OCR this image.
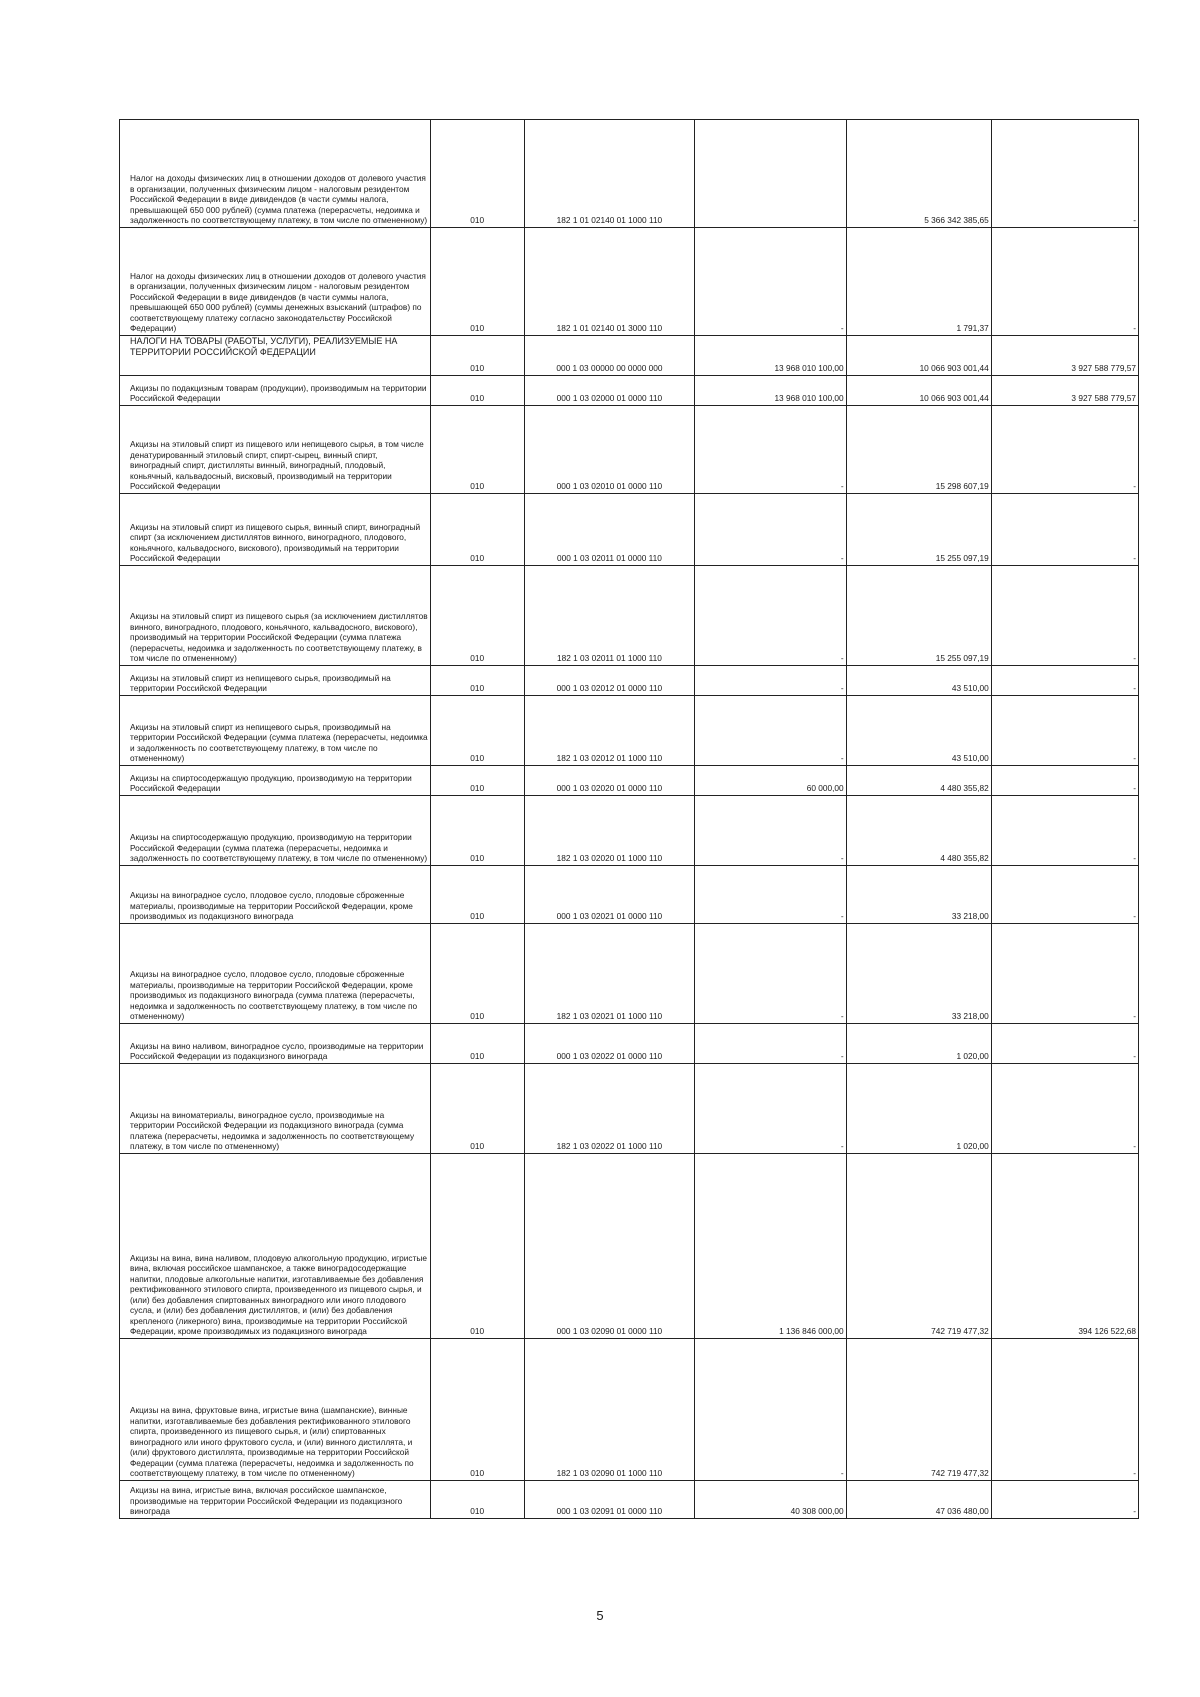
Налог на доходы физических лиц в отношении доходов от долевого участия в организации, полученных физическим лицом - налоговым резидентом Российской Федерации в виде дивидендов (в части суммы налога, превышающей 650 000 рублей) (сумма платежа (перерасчеты, недоимка и задолженность по соответствующему платежу, в том числе по отмененному)	010	182 1 01 02140 01 1000 110		5 366 342 385,65	-
Налог на доходы физических лиц в отношении доходов от долевого участия в организации, полученных физическим лицом - налоговым резидентом Российской Федерации в виде дивидендов (в части суммы налога, превышающей 650 000 рублей) (суммы денежных взысканий (штрафов) по соответствующему платежу согласно законодательству Российской Федерации)	010	182 1 01 02140 01 3000 110	-	1 791,37	-
НАЛОГИ НА ТОВАРЫ (РАБОТЫ, УСЛУГИ), РЕАЛИЗУЕМЫЕ НА ТЕРРИТОРИИ РОССИЙСКОЙ ФЕДЕРАЦИИ	010	000 1 03 00000 00 0000 000	13 968 010 100,00	10 066 903 001,44	3 927 588 779,57
Акцизы по подакцизным товарам (продукции), производимым на территории Российской Федерации	010	000 1 03 02000 01 0000 110	13 968 010 100,00	10 066 903 001,44	3 927 588 779,57
Акцизы на этиловый спирт из пищевого или непищевого сырья, в том числе денатурированный этиловый спирт, спирт-сырец, винный спирт, виноградный спирт, дистилляты винный, виноградный, плодовый, коньячный, кальвадосный, висковый, производимый на территории Российской Федерации	010	000 1 03 02010 01 0000 110	-	15 298 607,19	-
Акцизы на этиловый спирт из пищевого сырья, винный спирт, виноградный спирт (за исключением дистиллятов винного, виноградного, плодового, коньячного, кальвадосного, вискового), производимый на территории Российской Федерации	010	000 1 03 02011 01 0000 110	-	15 255 097,19	-
Акцизы на этиловый спирт из пищевого сырья (за исключением дистиллятов винного, виноградного, плодового, коньячного, кальвадосного, вискового), производимый на территории Российской Федерации (сумма платежа (перерасчеты, недоимка и задолженность по соответствующему платежу, в том числе по отмененному)	010	182 1 03 02011 01 1000 110	-	15 255 097,19	-
Акцизы на этиловый спирт из непищевого сырья, производимый на территории Российской Федерации	010	000 1 03 02012 01 0000 110	-	43 510,00	-
Акцизы на этиловый спирт из непищевого сырья, производимый на территории Российской Федерации (сумма платежа (перерасчеты, недоимка и задолженность по соответствующему платежу, в том числе по отмененному)	010	182 1 03 02012 01 1000 110	-	43 510,00	-
Акцизы на спиртосодержащую продукцию, производимую на территории Российской Федерации	010	000 1 03 02020 01 0000 110	60 000,00	4 480 355,82	-
Акцизы на спиртосодержащую продукцию, производимую на территории Российской Федерации (сумма платежа (перерасчеты, недоимка и задолженность по соответствующему платежу, в том числе по отмененному)	010	182 1 03 02020 01 1000 110	-	4 480 355,82	-
Акцизы на виноградное сусло, плодовое сусло, плодовые сброженные материалы, производимые на территории Российской Федерации, кроме производимых из подакцизного винограда	010	000 1 03 02021 01 0000 110	-	33 218,00	-
Акцизы на виноградное сусло, плодовое сусло, плодовые сброженные материалы, производимые на территории Российской Федерации, кроме производимых из подакцизного винограда (сумма платежа (перерасчеты, недоимка и задолженность по соответствующему платежу, в том числе по отмененному)	010	182 1 03 02021 01 1000 110	-	33 218,00	-
Акцизы на вино наливом, виноградное сусло, производимые на территории Российской Федерации из подакцизного винограда	010	000 1 03 02022 01 0000 110	-	1 020,00	-
Акцизы на виноматериалы, виноградное сусло, производимые на территории Российской Федерации из подакцизного винограда (сумма платежа (перерасчеты, недоимка и задолженность по соответствующему платежу, в том числе по отмененному)	010	182 1 03 02022 01 1000 110	-	1 020,00	-
Акцизы на вина, вина наливом, плодовую алкогольную продукцию, игристые вина, включая российское шампанское, а также виноградосодержащие напитки, плодовые алкогольные напитки, изготавливаемые без добавления ректификованного этилового спирта, произведенного из пищевого сырья, и (или) без добавления спиртованных виноградного или иного плодового сусла, и (или) без добавления дистиллятов, и (или) без добавления крепленого (ликерного) вина, производимые на территории Российской Федерации, кроме производимых из подакцизного винограда	010	000 1 03 02090 01 0000 110	1 136 846 000,00	742 719 477,32	394 126 522,68
Акцизы на вина, фруктовые вина, игристые вина (шампанские), винные напитки, изготавливаемые без добавления ректификованного этилового спирта, произведенного из пищевого сырья, и (или) спиртованных виноградного или иного фруктового сусла, и (или) винного дистиллята, и (или) фруктового дистиллята, производимые на территории Российской Федерации (сумма платежа (перерасчеты, недоимка и задолженность по соответствующему платежу, в том числе по отмененному)	010	182 1 03 02090 01 1000 110	-	742 719 477,32	-
Акцизы на вина, игристые вина, включая российское шампанское, производимые на территории Российской Федерации из подакцизного винограда	010	000 1 03 02091 01 0000 110	40 308 000,00	47 036 480,00	-
5
